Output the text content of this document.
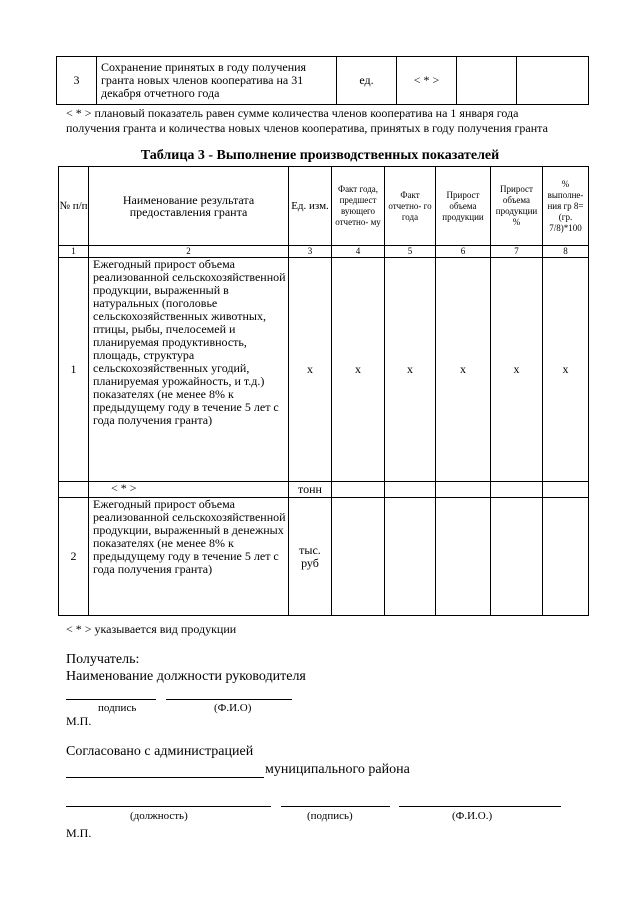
3	Сохранение принятых в году получения гранта новых членов кооператива на 31 декабря отчетного года	ед.	< * >		
< * > плановый показатель равен сумме количества членов кооператива на 1 января года
получения гранта и количества новых членов кооператива, принятых в году получения гранта
Таблица 3 - Выполнение производственных показателей
№ п/п	Наименование результата предоставления гранта	Ед. изм.	Факт года, предшест вующего отчетно- му	Факт отчетно- го года	Прирост объема продукции	Прирост объема продукции %	% выполне- ния гр 8=(гр. 7/8)*100
1	2	3	4	5	6	7	8
1	Ежегодный прирост объема реализованной сельскохозяйственной продукции, выраженный в натуральных (поголовье сельскохозяйственных животных, птицы, рыбы, пчелосемей и планируемая продуктивность, площадь, структура сельскохозяйственных угодий, планируемая урожайность, и т.д.) показателях (не менее 8% к предыдущему году в течение 5 лет с года получения гранта)	x	x	x	x	x	x
	< * >	тонн					
2	Ежегодный прирост объема реализованной сельскохозяйственной продукции, выраженный в денежных показателях (не менее 8% к предыдущему году в течение 5 лет с года получения гранта)	тыс. руб					
< * > указывается вид продукции
Получатель:
Наименование должности руководителя
подпись	(Ф.И.О)
М.П.
Согласовано с администрацией
муниципального района
(должность)	(подпись)	(Ф.И.О.)
М.П.
